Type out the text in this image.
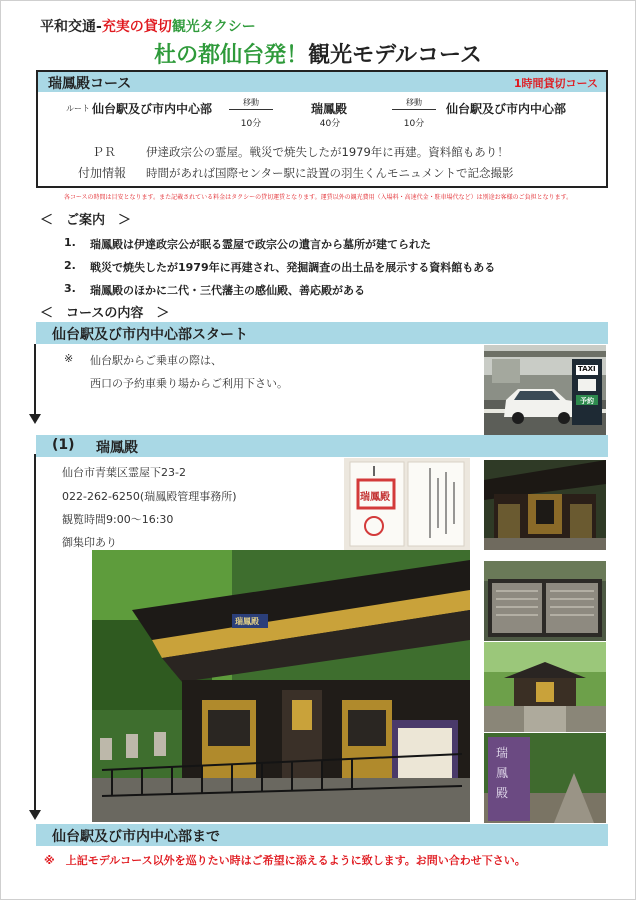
平和交通-充実の貸切観光タクシー
杜の都仙台発！観光モデルコース
瑞鳳殿コース	1時間貸切コース
ルート 仙台駅及び市内中心部	移動
10分
瑞鳳殿
40分
移動
10分
仙台駅及び市内中心部
ＰＲ	伊達政宗公の霊屋。戦災で焼失したが1979年に再建。資料館もあり！
付加情報 時間があれば国際センター駅に設置の羽生くんモニュメントで記念撮影
各コースの時間は目安となります。また記載されている料金はタクシーの貸切運賃となります。運賃以外の観光費用（入場料・高速代金・駐車場代など）は別途お客様のご負担となります。
＜　ご案内　＞
1. 瑞鳳殿は伊達政宗公が眠る霊屋で政宗公の遺言から墓所が建てられた
2. 戦災で焼失したが1979年に再建され、発掘調査の出土品を展示する資料館もある
3. 瑞鳳殿のほかに二代・三代藩主の感仙殿、善応殿がある
＜　コースの内容　＞
仙台駅及び市内中心部スタート
※ 仙台駅からご乗車の際は、
西口の予約車乗り場からご利用下さい。
TAXI
予約
(1) 瑞鳳殿
仙台市青葉区霊屋下23-2
022-262-6250(瑞鳳殿管理事務所)
観覧時間9:00～16:30
御集印あり
瑞鳳殿
瑞鳳殿
瑞鳳殿
仙台駅及び市内中心部まで
※　上記モデルコース以外を巡りたい時はご希望に添えるように致します。お問い合わせ下さい。
